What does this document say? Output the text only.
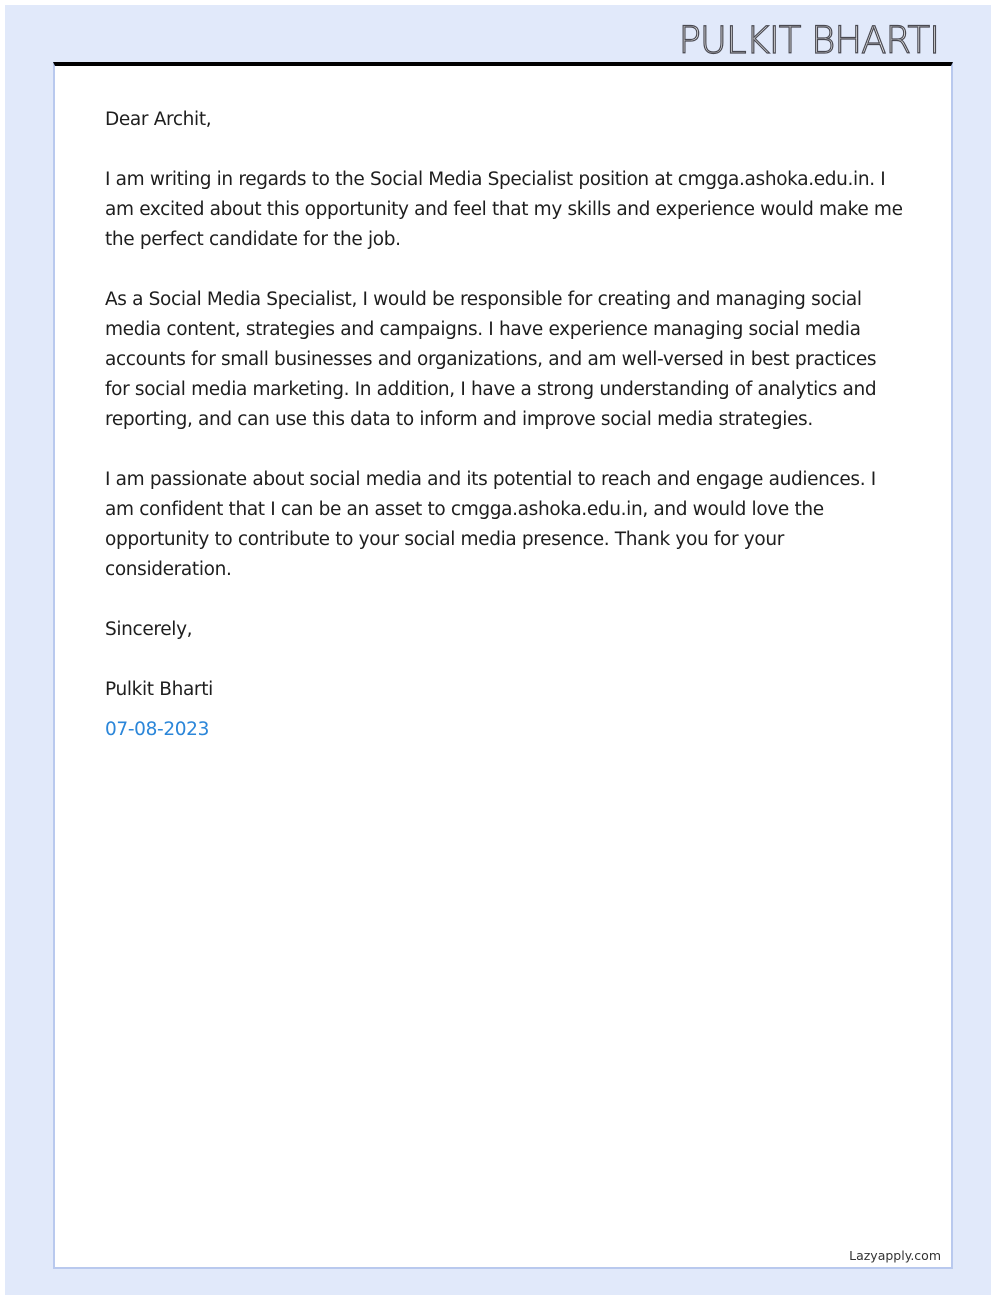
PULKIT BHARTI

Dear Archit,

I am writing in regards to the Social Media Specialist position at cmgga.ashoka.edu.in. I am excited about this opportunity and feel that my skills and experience would make me the perfect candidate for the job.

As a Social Media Specialist, I would be responsible for creating and managing social media content, strategies and campaigns. I have experience managing social media accounts for small businesses and organizations, and am well-versed in best practices for social media marketing. In addition, I have a strong understanding of analytics and reporting, and can use this data to inform and improve social media strategies.

I am passionate about social media and its potential to reach and engage audiences. I am confident that I can be an asset to cmgga.ashoka.edu.in, and would love the opportunity to contribute to your social media presence. Thank you for your consideration.

Sincerely,

Pulkit Bharti

07-08-2023

Lazyapply.com
